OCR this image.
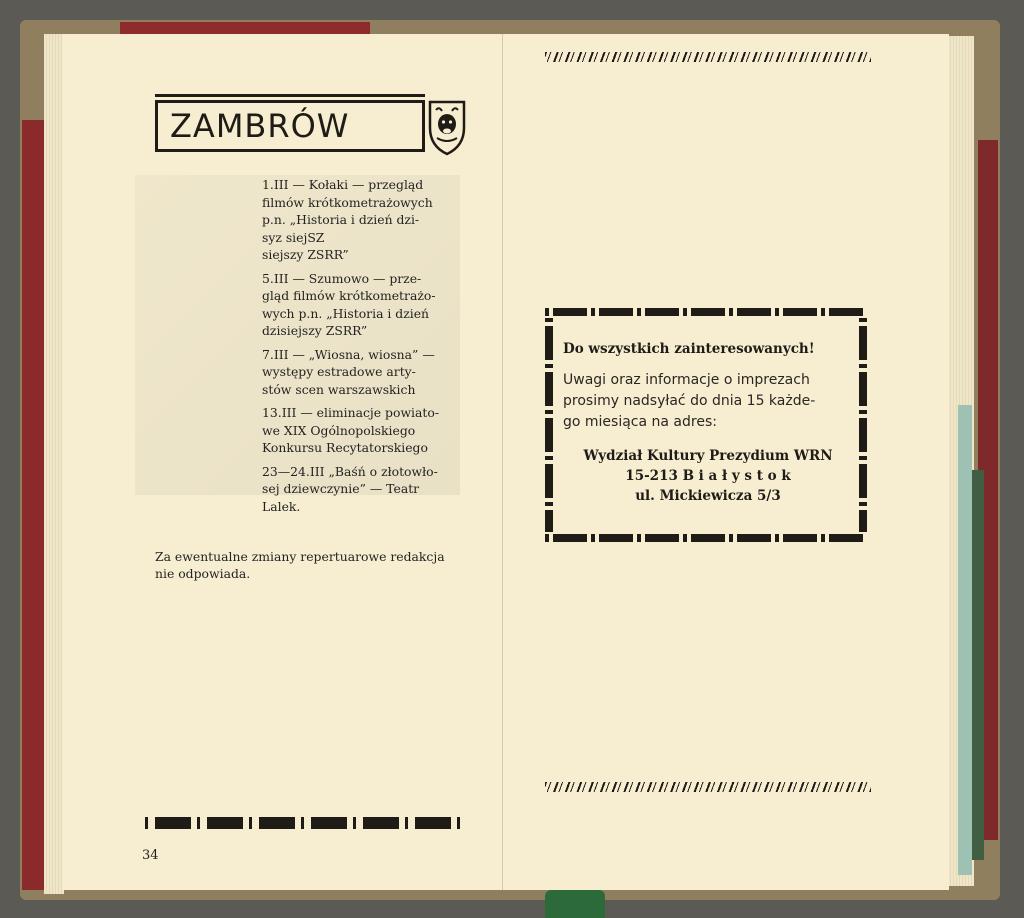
ZAMBRÓW
1.III — Kołaki — przegląd
filmów krótkometrażowych
p.n. „Historia i dzień dzi-
syz siejSZ
siejszy ZSRR”
5.III — Szumowo — prze-
gląd filmów krótkometrażo-
wych p.n. „Historia i dzień
dzisiejszy ZSRR”
7.III — „Wiosna, wiosna” —
występy estradowe arty-
stów scen warszawskich
13.III — eliminacje powiato-
we XIX Ogólnopolskiego
Konkursu Recytatorskiego
23—24.III „Baśń o złotowło-
sej dziewczynie” — Teatr
Lalek.
Za ewentualne zmiany repertuarowe redakcja
nie odpowiada.
34
Do wszystkich zainteresowanych!
Uwagi oraz informacje o imprezach
prosimy nadsyłać do dnia 15 każde-
go miesiąca na adres:
Wydział Kultury Prezydium WRN
15-213 B i a ł y s t o k
ul. Mickiewicza 5/3
